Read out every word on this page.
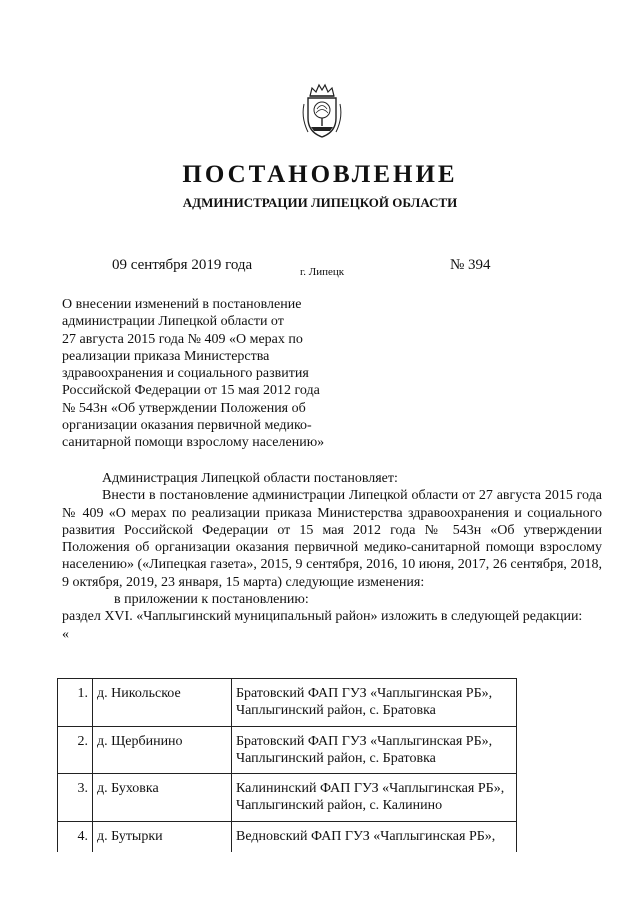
ПОСТАНОВЛЕНИЕ
АДМИНИСТРАЦИИ ЛИПЕЦКОЙ ОБЛАСТИ
09 сентября 2019 года	г. Липецк	№ 394
О внесении изменений в постановление
администрации Липецкой области от
27 августа 2015 года № 409 «О мерах по
реализации приказа Министерства
здравоохранения и социального развития
Российской Федерации от 15 мая 2012 года
№ 543н «Об утверждении Положения об
организации оказания первичной медико-
санитарной помощи взрослому населению»

Администрация Липецкой области постановляет:

Внести в постановление администрации Липецкой области от 27 августа 2015 года № 409 «О мерах по реализации приказа Министерства здравоохранения и социального развития Российской Федерации от 15 мая 2012 года № 543н «Об утверждении Положения об организации оказания первичной медико-санитарной помощи взрослому населению» («Липецкая газета», 2015, 9 сентября, 2016, 10 июня, 2017, 26 сентября, 2018, 9 октября, 2019, 23 января, 15 марта) следующие изменения:

в приложении к постановлению:

раздел XVI. «Чаплыгинский муниципальный район» изложить в следующей редакции:

«

1.	д. Никольское	Братовский ФАП ГУЗ «Чаплыгинская РБ»,
Чаплыгинский район, с. Братовка

2.	д. Щербинино	Братовский ФАП ГУЗ «Чаплыгинская РБ»,
Чаплыгинский район, с. Братовка

3.	д. Буховка	Калининский ФАП ГУЗ «Чаплыгинская РБ»,
Чаплыгинский район, с. Калинино

4.	д. Бутырки	Ведновский ФАП ГУЗ «Чаплыгинская РБ»,
